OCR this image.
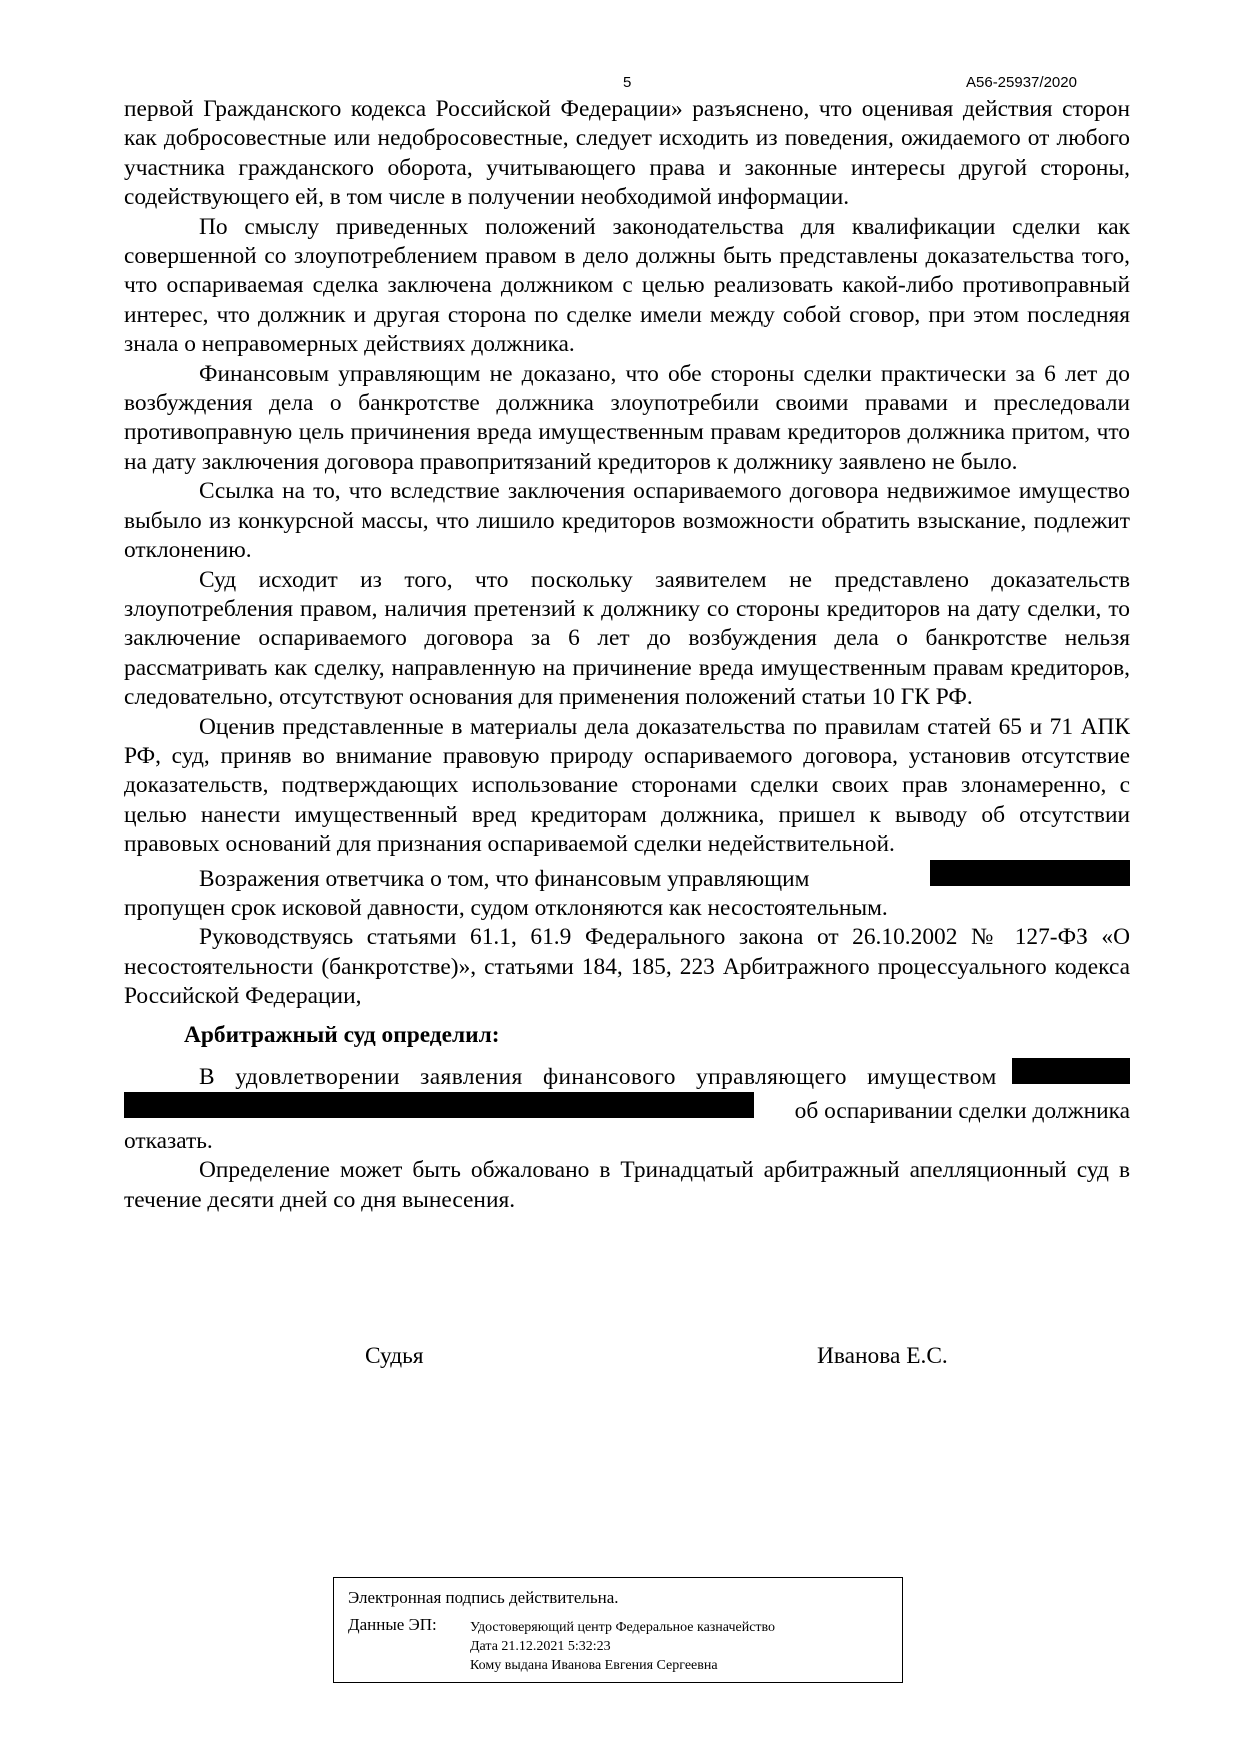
5	А56-25937/2020

первой Гражданского кодекса Российской Федерации» разъяснено, что оценивая действия сторон как добросовестные или недобросовестные, следует исходить из поведения, ожидаемого от любого участника гражданского оборота, учитывающего права и законные интересы другой стороны, содействующего ей, в том числе в получении необходимой информации.

По смыслу приведенных положений законодательства для квалификации сделки как совершенной со злоупотреблением правом в дело должны быть представлены доказательства того, что оспариваемая сделка заключена должником с целью реализовать какой-либо противоправный интерес, что должник и другая сторона по сделке имели между собой сговор, при этом последняя знала о неправомерных действиях должника.

Финансовым управляющим не доказано, что обе стороны сделки практически за 6 лет до возбуждения дела о банкротстве должника злоупотребили своими правами и преследовали противоправную цель причинения вреда имущественным правам кредиторов должника притом, что на дату заключения договора правопритязаний кредиторов к должнику заявлено не было.

Ссылка на то, что вследствие заключения оспариваемого договора недвижимое имущество выбыло из конкурсной массы, что лишило кредиторов возможности обратить взыскание, подлежит отклонению.

Суд исходит из того, что поскольку заявителем не представлено доказательств злоупотребления правом, наличия претензий к должнику со стороны кредиторов на дату сделки, то заключение оспариваемого договора за 6 лет до возбуждения дела о банкротстве нельзя рассматривать как сделку, направленную на причинение вреда имущественным правам кредиторов, следовательно, отсутствуют основания для применения положений статьи 10 ГК РФ.

Оценив представленные в материалы дела доказательства по правилам статей 65 и 71 АПК РФ, суд, приняв во внимание правовую природу оспариваемого договора, установив отсутствие доказательств, подтверждающих использование сторонами сделки своих прав злонамеренно, с целью нанести имущественный вред кредиторам должника, пришел к выводу об отсутствии правовых оснований для признания оспариваемой сделки недействительной.

Возражения ответчика о том, что финансовым управляющим

пропущен срок исковой давности, судом отклоняются как несостоятельным.

Руководствуясь статьями 61.1, 61.9 Федерального закона от 26.10.2002 № 127-ФЗ «О несостоятельности (банкротстве)», статьями 184, 185, 223 Арбитражного процессуального кодекса Российской Федерации,

Арбитражный суд определил:

В удовлетворении заявления финансового управляющего имуществом
об оспаривании сделки должника

отказать.

Определение может быть обжаловано в Тринадцатый арбитражный апелляционный суд в течение десяти дней со дня вынесения.

Судья	Иванова Е.С.
Электронная подпись действительна.
Данные ЭП: Удостоверяющий центр Федеральное казначейство
Дата 21.12.2021 5:32:23
Кому выдана Иванова Евгения Сергеевна
